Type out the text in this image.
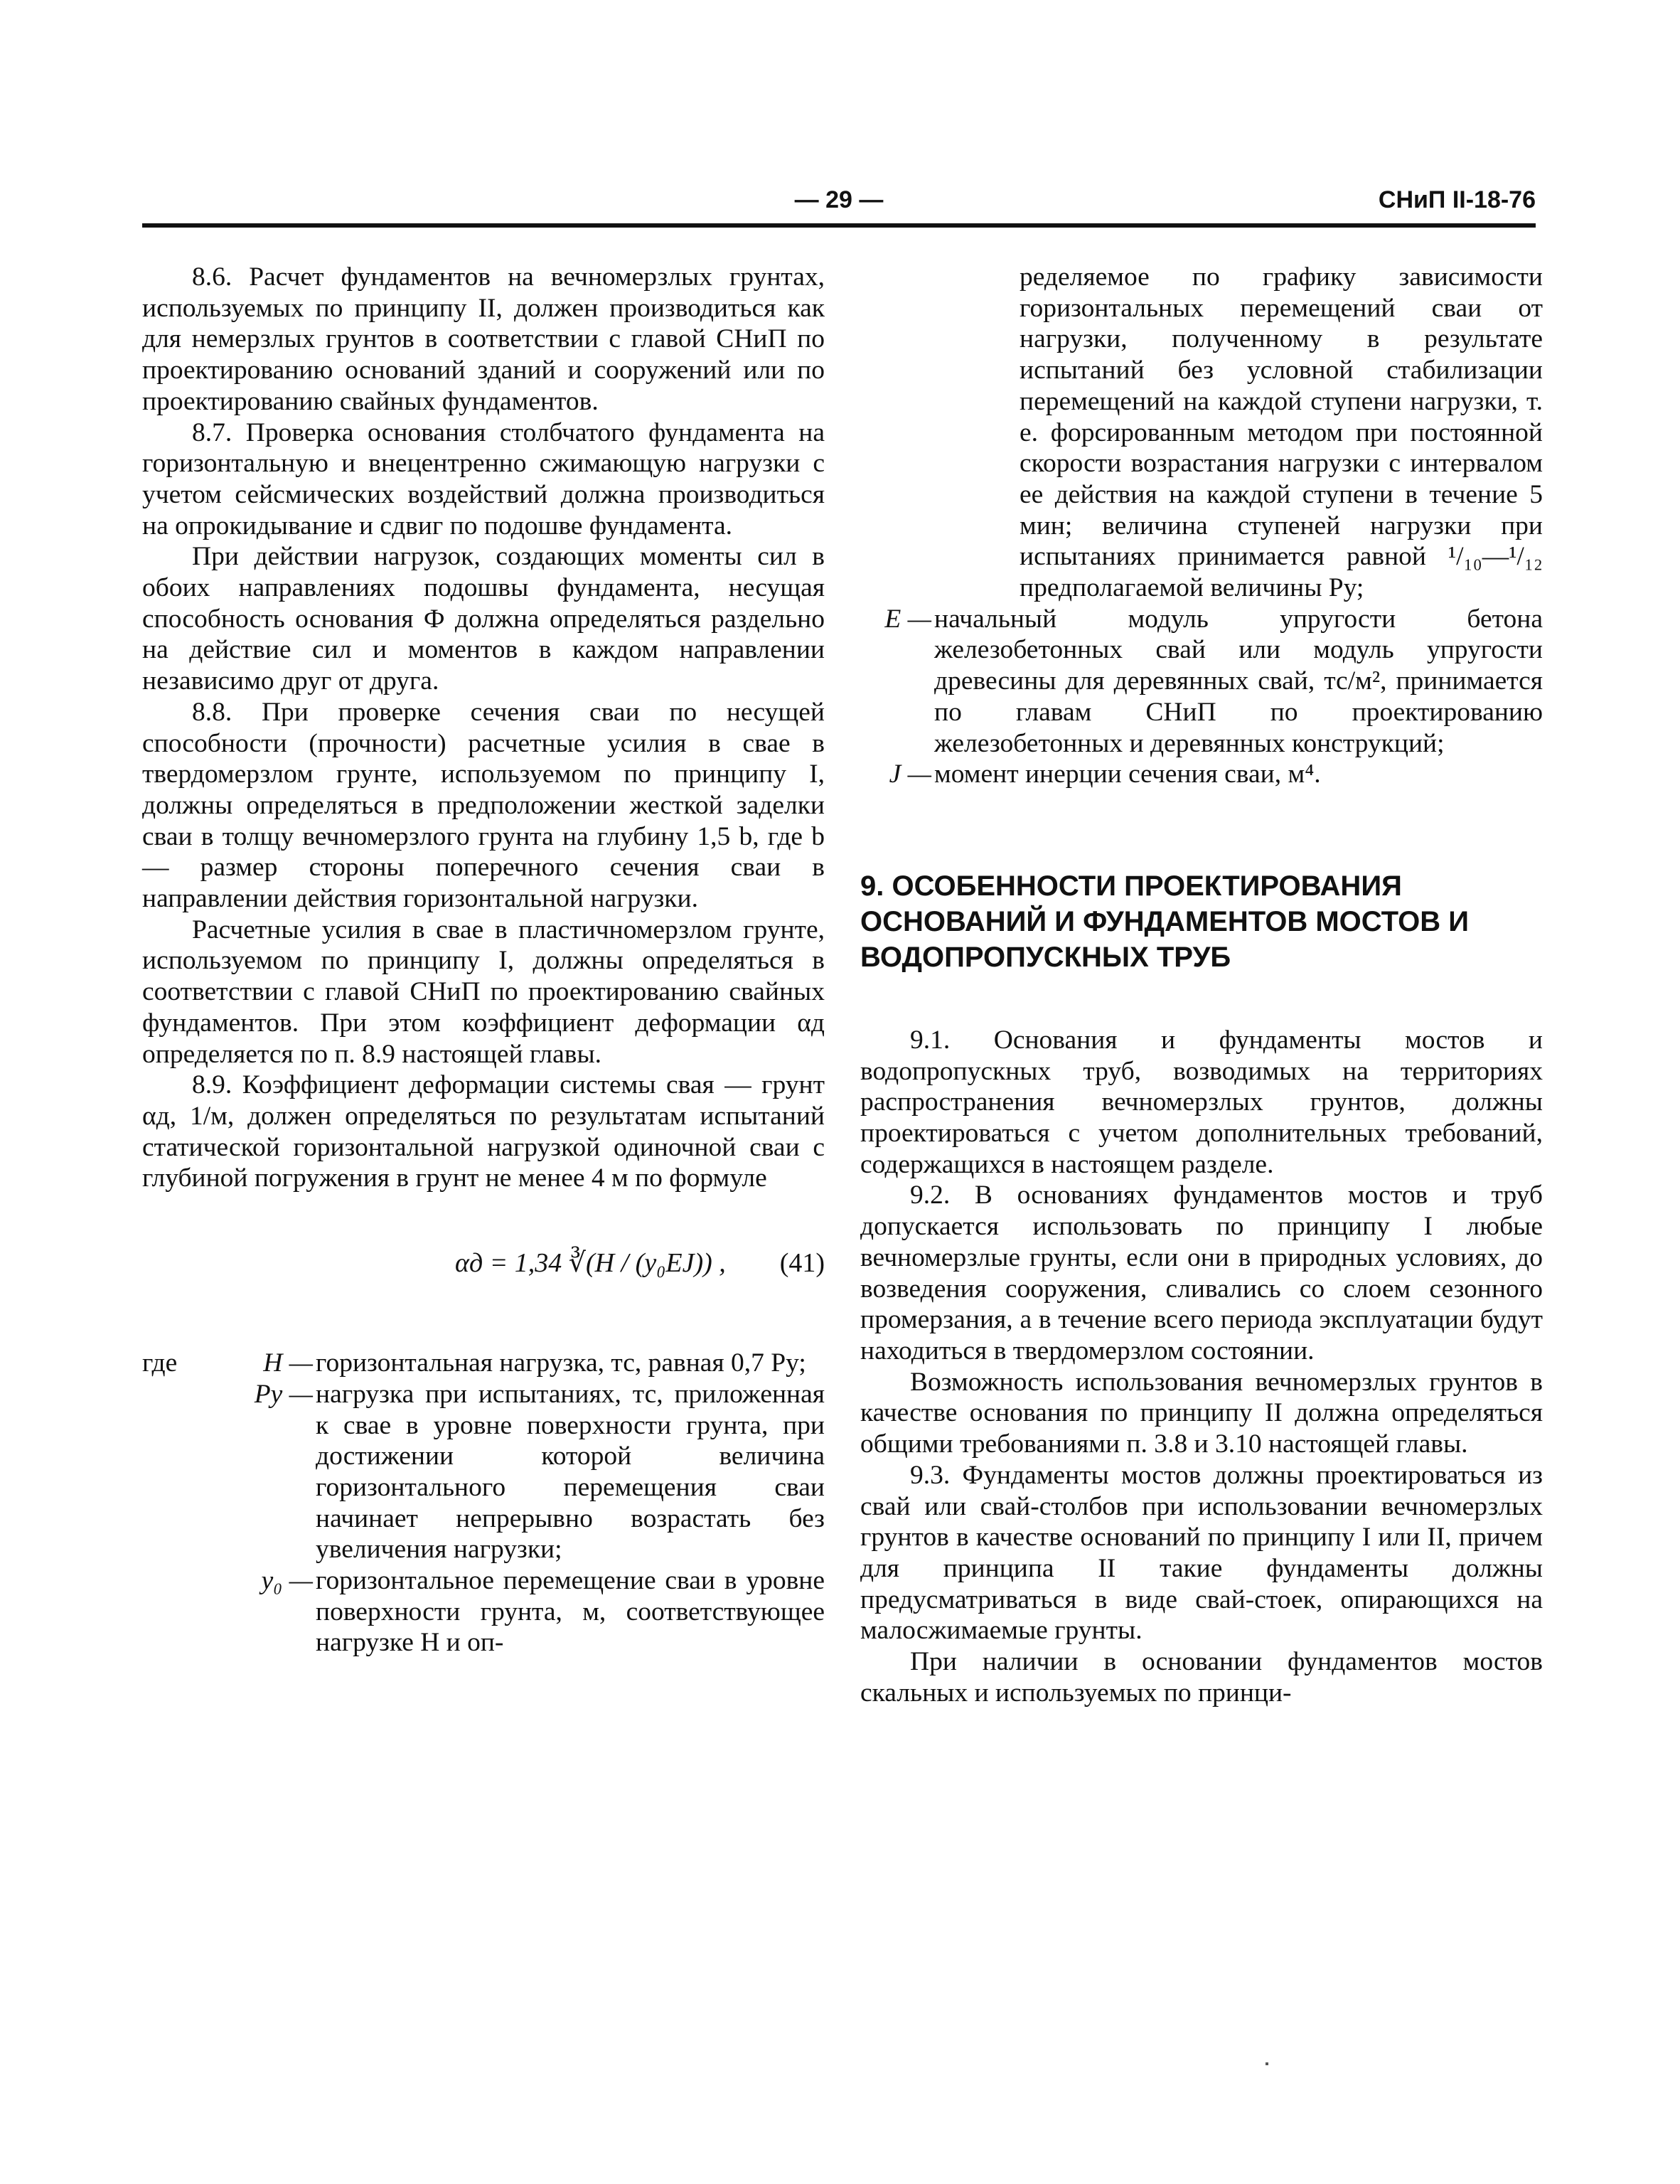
— 29 —	СНиП II-18-76

8.6. Расчет фундаментов на вечномерзлых грунтах, используемых по принципу II, должен производиться как для немерзлых грунтов в соответствии с главой СНиП по проектированию оснований зданий и сооружений или по проектированию свайных фундаментов.

8.7. Проверка основания столбчатого фундамента на горизонтальную и внецентренно сжимающую нагрузки с учетом сейсмических воздействий должна производиться на опрокидывание и сдвиг по подошве фундамента.

При действии нагрузок, создающих моменты сил в обоих направлениях подошвы фундамента, несущая способность основания Ф должна определяться раздельно на действие сил и моментов в каждом направлении независимо друг от друга.

8.8. При проверке сечения сваи по несущей способности (прочности) расчетные усилия в свае в твердомерзлом грунте, используемом по принципу I, должны определяться в предположении жесткой заделки сваи в толщу вечномерзлого грунта на глубину 1,5 b, где b — размер стороны поперечного сечения сваи в направлении действия горизонтальной нагрузки.

Расчетные усилия в свае в пластичномерзлом грунте, используемом по принципу I, должны определяться в соответствии с главой СНиП по проектированию свайных фундаментов. При этом коэффициент деформации αд определяется по п. 8.9 настоящей главы.

8.9. Коэффициент деформации системы свая — грунт αд, 1/м, должен определяться по результатам испытаний статической горизонтальной нагрузкой одиночной сваи с глубиной погружения в грунт не менее 4 м по формуле

αд = 1,34 ∛(H / (y₀EJ)) , (41)
где	H — горизонтальная нагрузка, тс, равная 0,7 Pу;
Pу — нагрузка при испытаниях, тс, приложенная к свае в уровне поверхности грунта, при достижении которой величина горизонтального перемещения сваи начинает непрерывно возрастать без увеличения нагрузки;
y₀ — горизонтальное перемещение сваи в уровне поверхности грунта, м, соответствующее нагрузке H и оп-
ределяемое по графику зависимости горизонтальных перемещений сваи от нагрузки, полученному в результате испытаний без условной стабилизации перемещений на каждой ступени нагрузки, т. е. форсированным методом при постоянной скорости возрастания нагрузки с интервалом ее действия на каждой ступени в течение 5 мин; величина ступеней нагрузки при испытаниях принимается равной ¹/₁₀—¹/₁₂ предполагаемой величины Pу;
E — начальный модуль упругости бетона железобетонных свай или модуль упругости древесины для деревянных свай, тс/м², принимается по главам СНиП по проектированию железобетонных и деревянных конструкций;
J — момент инерции сечения сваи, м⁴.
9. ОСОБЕННОСТИ ПРОЕКТИРОВАНИЯ ОСНОВАНИЙ И ФУНДАМЕНТОВ МОСТОВ И ВОДОПРОПУСКНЫХ ТРУБ

9.1. Основания и фундаменты мостов и водопропускных труб, возводимых на территориях распространения вечномерзлых грунтов, должны проектироваться с учетом дополнительных требований, содержащихся в настоящем разделе.

9.2. В основаниях фундаментов мостов и труб допускается использовать по принципу I любые вечномерзлые грунты, если они в природных условиях, до возведения сооружения, сливались со слоем сезонного промерзания, а в течение всего периода эксплуатации будут находиться в твердомерзлом состоянии.

Возможность использования вечномерзлых грунтов в качестве основания по принципу II должна определяться общими требованиями п. 3.8 и 3.10 настоящей главы.

9.3. Фундаменты мостов должны проектироваться из свай или свай-столбов при использовании вечномерзлых грунтов в качестве оснований по принципу I или II, причем для принципа II такие фундаменты должны предусматриваться в виде свай-стоек, опирающихся на малосжимаемые грунты.

При наличии в основании фундаментов мостов скальных и используемых по принци-
